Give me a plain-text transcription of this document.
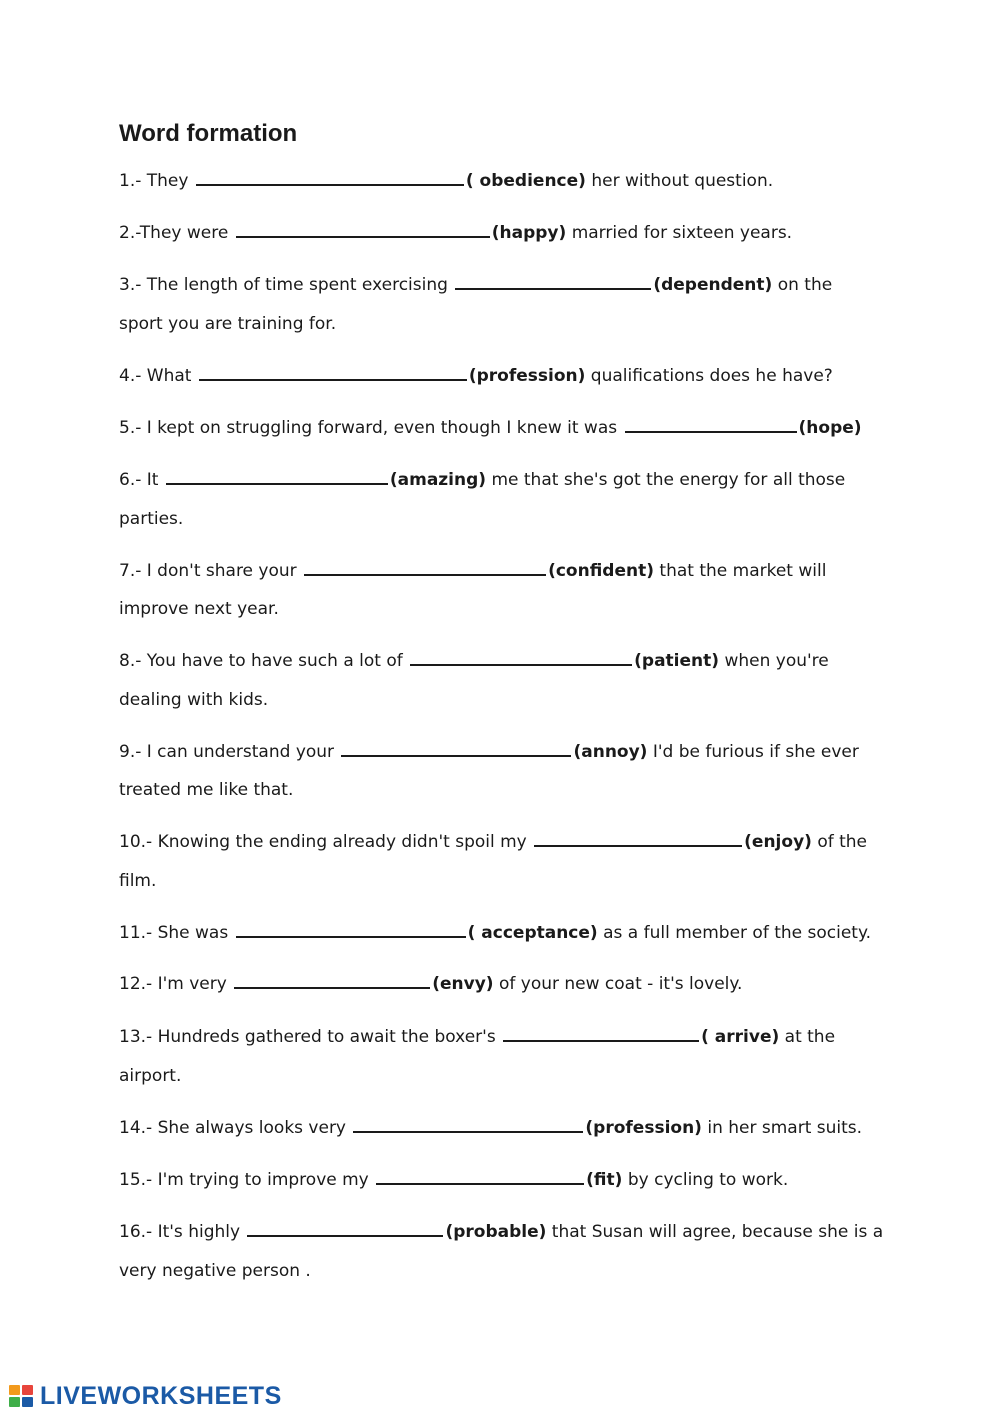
Word formation
1.- They	( obedience) her without question.
2.-They were	(happy) married for sixteen years.
3.- The length of time spent exercising	(dependent) on the
sport you are training for.
4.- What	(profession) qualifications does he have?
5.- I kept on struggling forward, even though I knew it was	(hope)
6.- It	(amazing) me that she's got the energy for all those
parties.
7.- I don't share your	(confident) that the market will
improve next year.
8.- You have to have such a lot of	(patient) when you're
dealing with kids.
9.- I can understand your	(annoy) I'd be furious if she ever
treated me like that.
10.- Knowing the ending already didn't spoil my	(enjoy) of the
film.
11.- She was	( acceptance) as a full member of the society.
12.- I'm very	(envy) of your new coat - it's lovely.
13.- Hundreds gathered to await the boxer's	( arrive) at the
airport.
14.- She always looks very	(profession) in her smart suits.
15.- I'm trying to improve my	(fit) by cycling to work.
16.- It's highly	(probable) that Susan will agree, because she is a
very negative person .
LIVEWORKSHEETS
